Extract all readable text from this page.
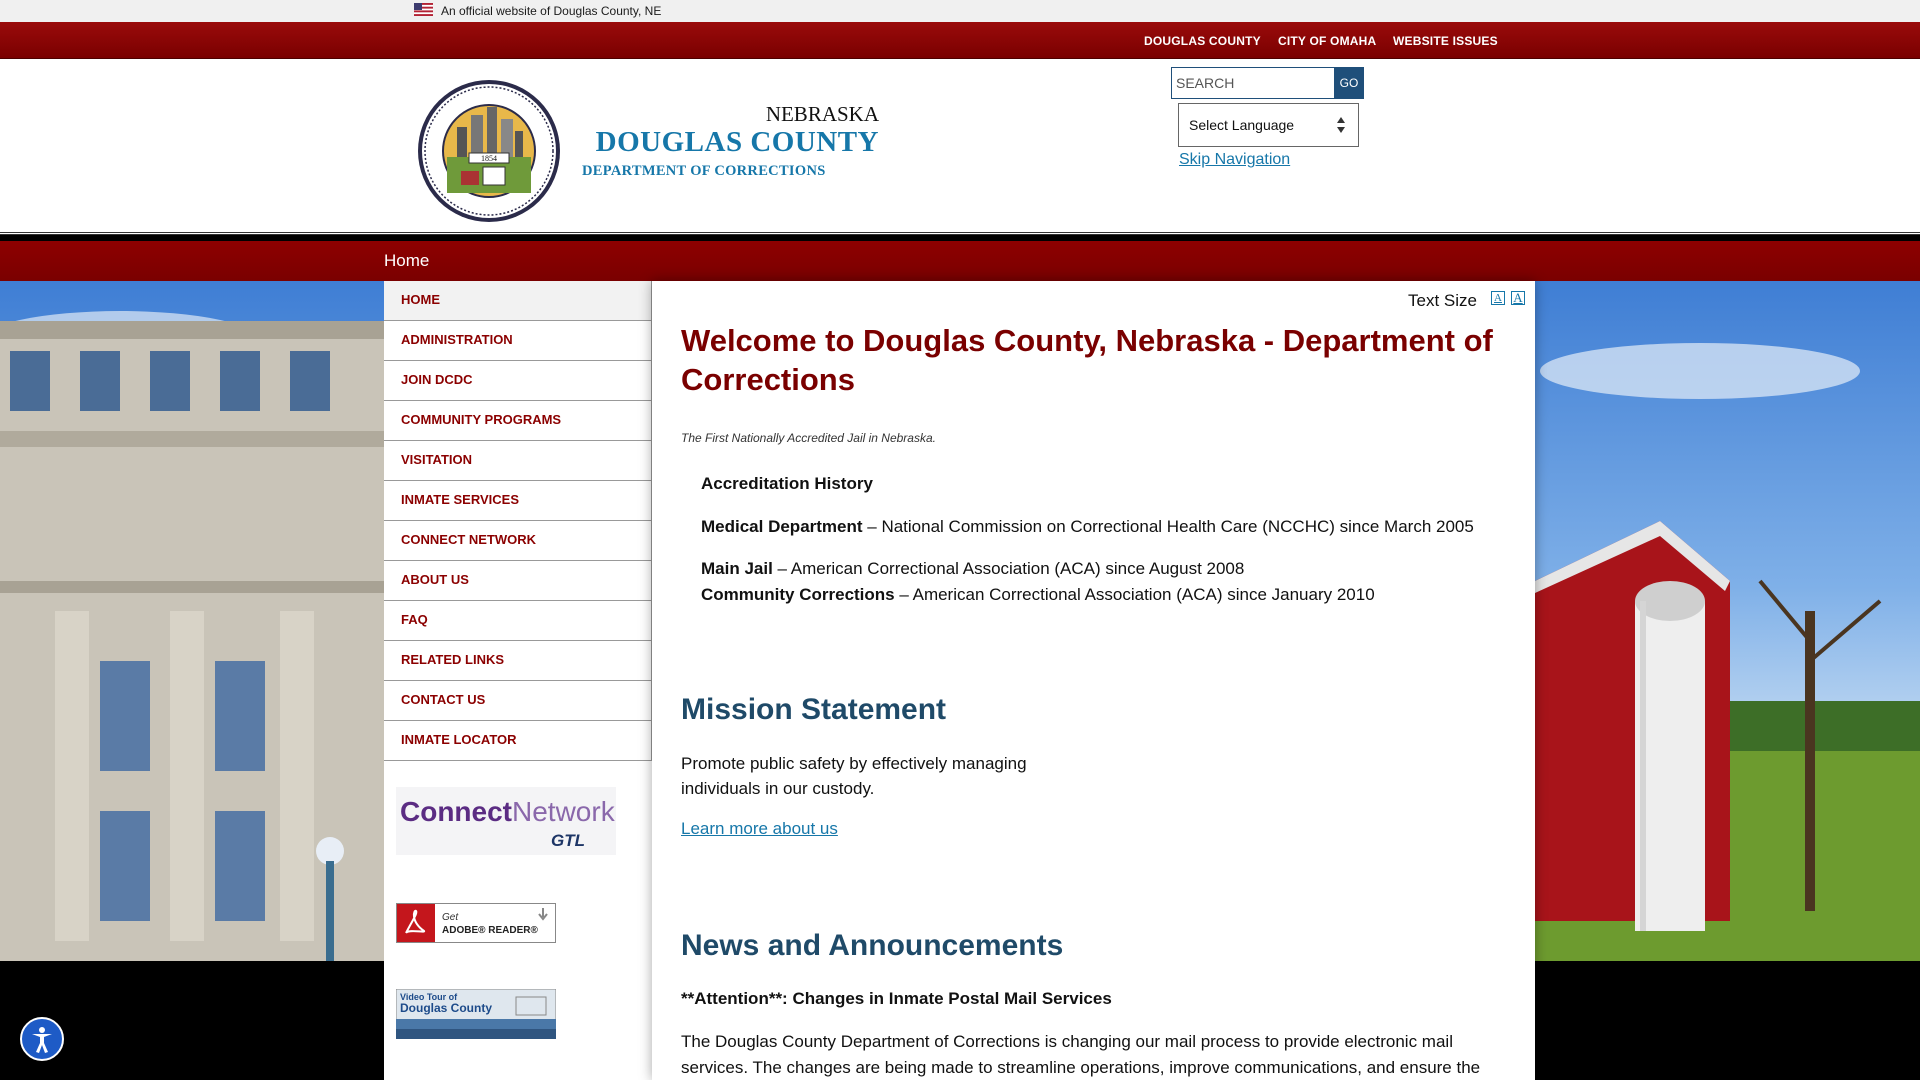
An official website of Douglas County, NE
DOUGLAS COUNTY CITY OF OMAHA WEBSITE ISSUES
1854
NEBRASKA
DOUGLAS COUNTY
DEPARTMENT OF CORRECTIONS
SEARCH
GO
Select Language
Skip Navigation
Home
HOME
ADMINISTRATION
JOIN DCDC
COMMUNITY PROGRAMS
VISITATION
INMATE SERVICES
CONNECT NETWORK
ABOUT US
FAQ
RELATED LINKS
CONTACT US
INMATE LOCATOR
Connect Network
GTL
Get
ADOBE® READER®
Video Tour of
Douglas County
Text Size A A
Welcome to Douglas County, Nebraska - Department of Corrections
The First Nationally Accredited Jail in Nebraska.
Accreditation History
Medical Department – National Commission on Correctional Health Care (NCCHC) since March 2005
Main Jail – American Correctional Association (ACA) since August 2008
Community Corrections – American Correctional Association (ACA) since January 2010
Mission Statement
Promote public safety by effectively managing individuals in our custody.
Learn more about us
News and Announcements
**Attention**: Changes in Inmate Postal Mail Services
The Douglas County Department of Corrections is changing our mail process to provide electronic mail services. The changes are being made to streamline operations, improve communications, and ensure the
